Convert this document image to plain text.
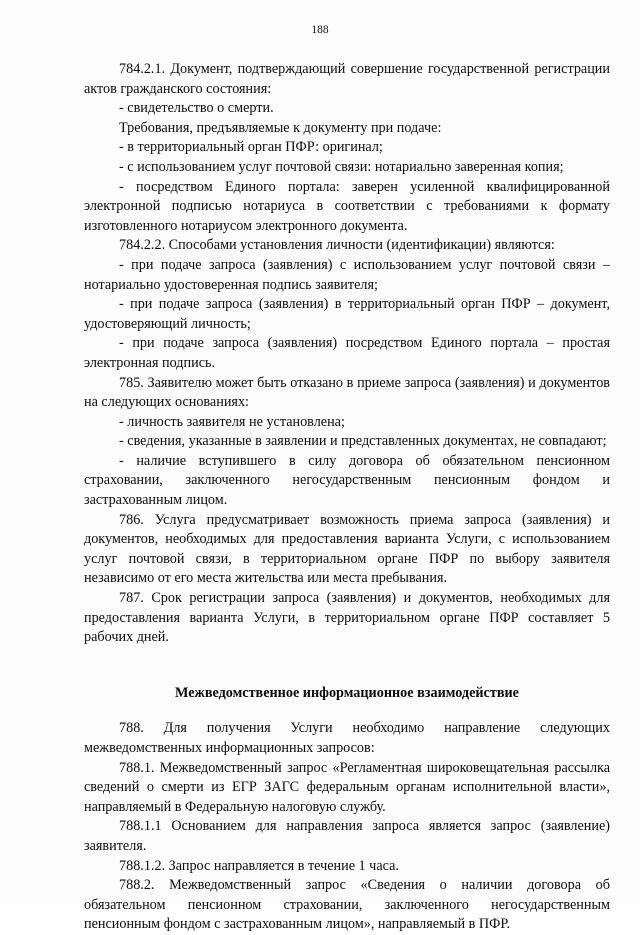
188

784.2.1. Документ, подтверждающий совершение государственной регистрации актов гражданского состояния:

- свидетельство о смерти.

Требования, предъявляемые к документу при подаче:

- в территориальный орган ПФР: оригинал;

- с использованием услуг почтовой связи: нотариально заверенная копия;

- посредством Единого портала: заверен усиленной квалифицированной электронной подписью нотариуса в соответствии с требованиями к формату изготовленного нотариусом электронного документа.

784.2.2. Способами установления личности (идентификации) являются:

- при подаче запроса (заявления) с использованием услуг почтовой связи – нотариально удостоверенная подпись заявителя;

- при подаче запроса (заявления) в территориальный орган ПФР – документ, удостоверяющий личность;

- при подаче запроса (заявления) посредством Единого портала – простая электронная подпись.

785. Заявителю может быть отказано в приеме запроса (заявления) и документов на следующих основаниях:

- личность заявителя не установлена;

- сведения, указанные в заявлении и представленных документах, не совпадают;

- наличие вступившего в силу договора об обязательном пенсионном страховании, заключенного негосударственным пенсионным фондом и застрахованным лицом.

786. Услуга предусматривает возможность приема запроса (заявления) и документов, необходимых для предоставления варианта Услуги, с использованием услуг почтовой связи, в территориальном органе ПФР по выбору заявителя независимо от его места жительства или места пребывания.

787. Срок регистрации запроса (заявления) и документов, необходимых для предоставления варианта Услуги, в территориальном органе ПФР составляет 5 рабочих дней.

Межведомственное информационное взаимодействие

788. Для получения Услуги необходимо направление следующих межведомственных информационных запросов:

788.1. Межведомственный запрос «Регламентная широковещательная рассылка сведений о смерти из ЕГР ЗАГС федеральным органам исполнительной власти», направляемый в Федеральную налоговую службу.

788.1.1 Основанием для направления запроса является запрос (заявление) заявителя.

788.1.2. Запрос направляется в течение 1 часа.

788.2. Межведомственный запрос «Сведения о наличии договора об обязательном пенсионном страховании, заключенного негосударственным пенсионным фондом с застрахованным лицом», направляемый в ПФР.
